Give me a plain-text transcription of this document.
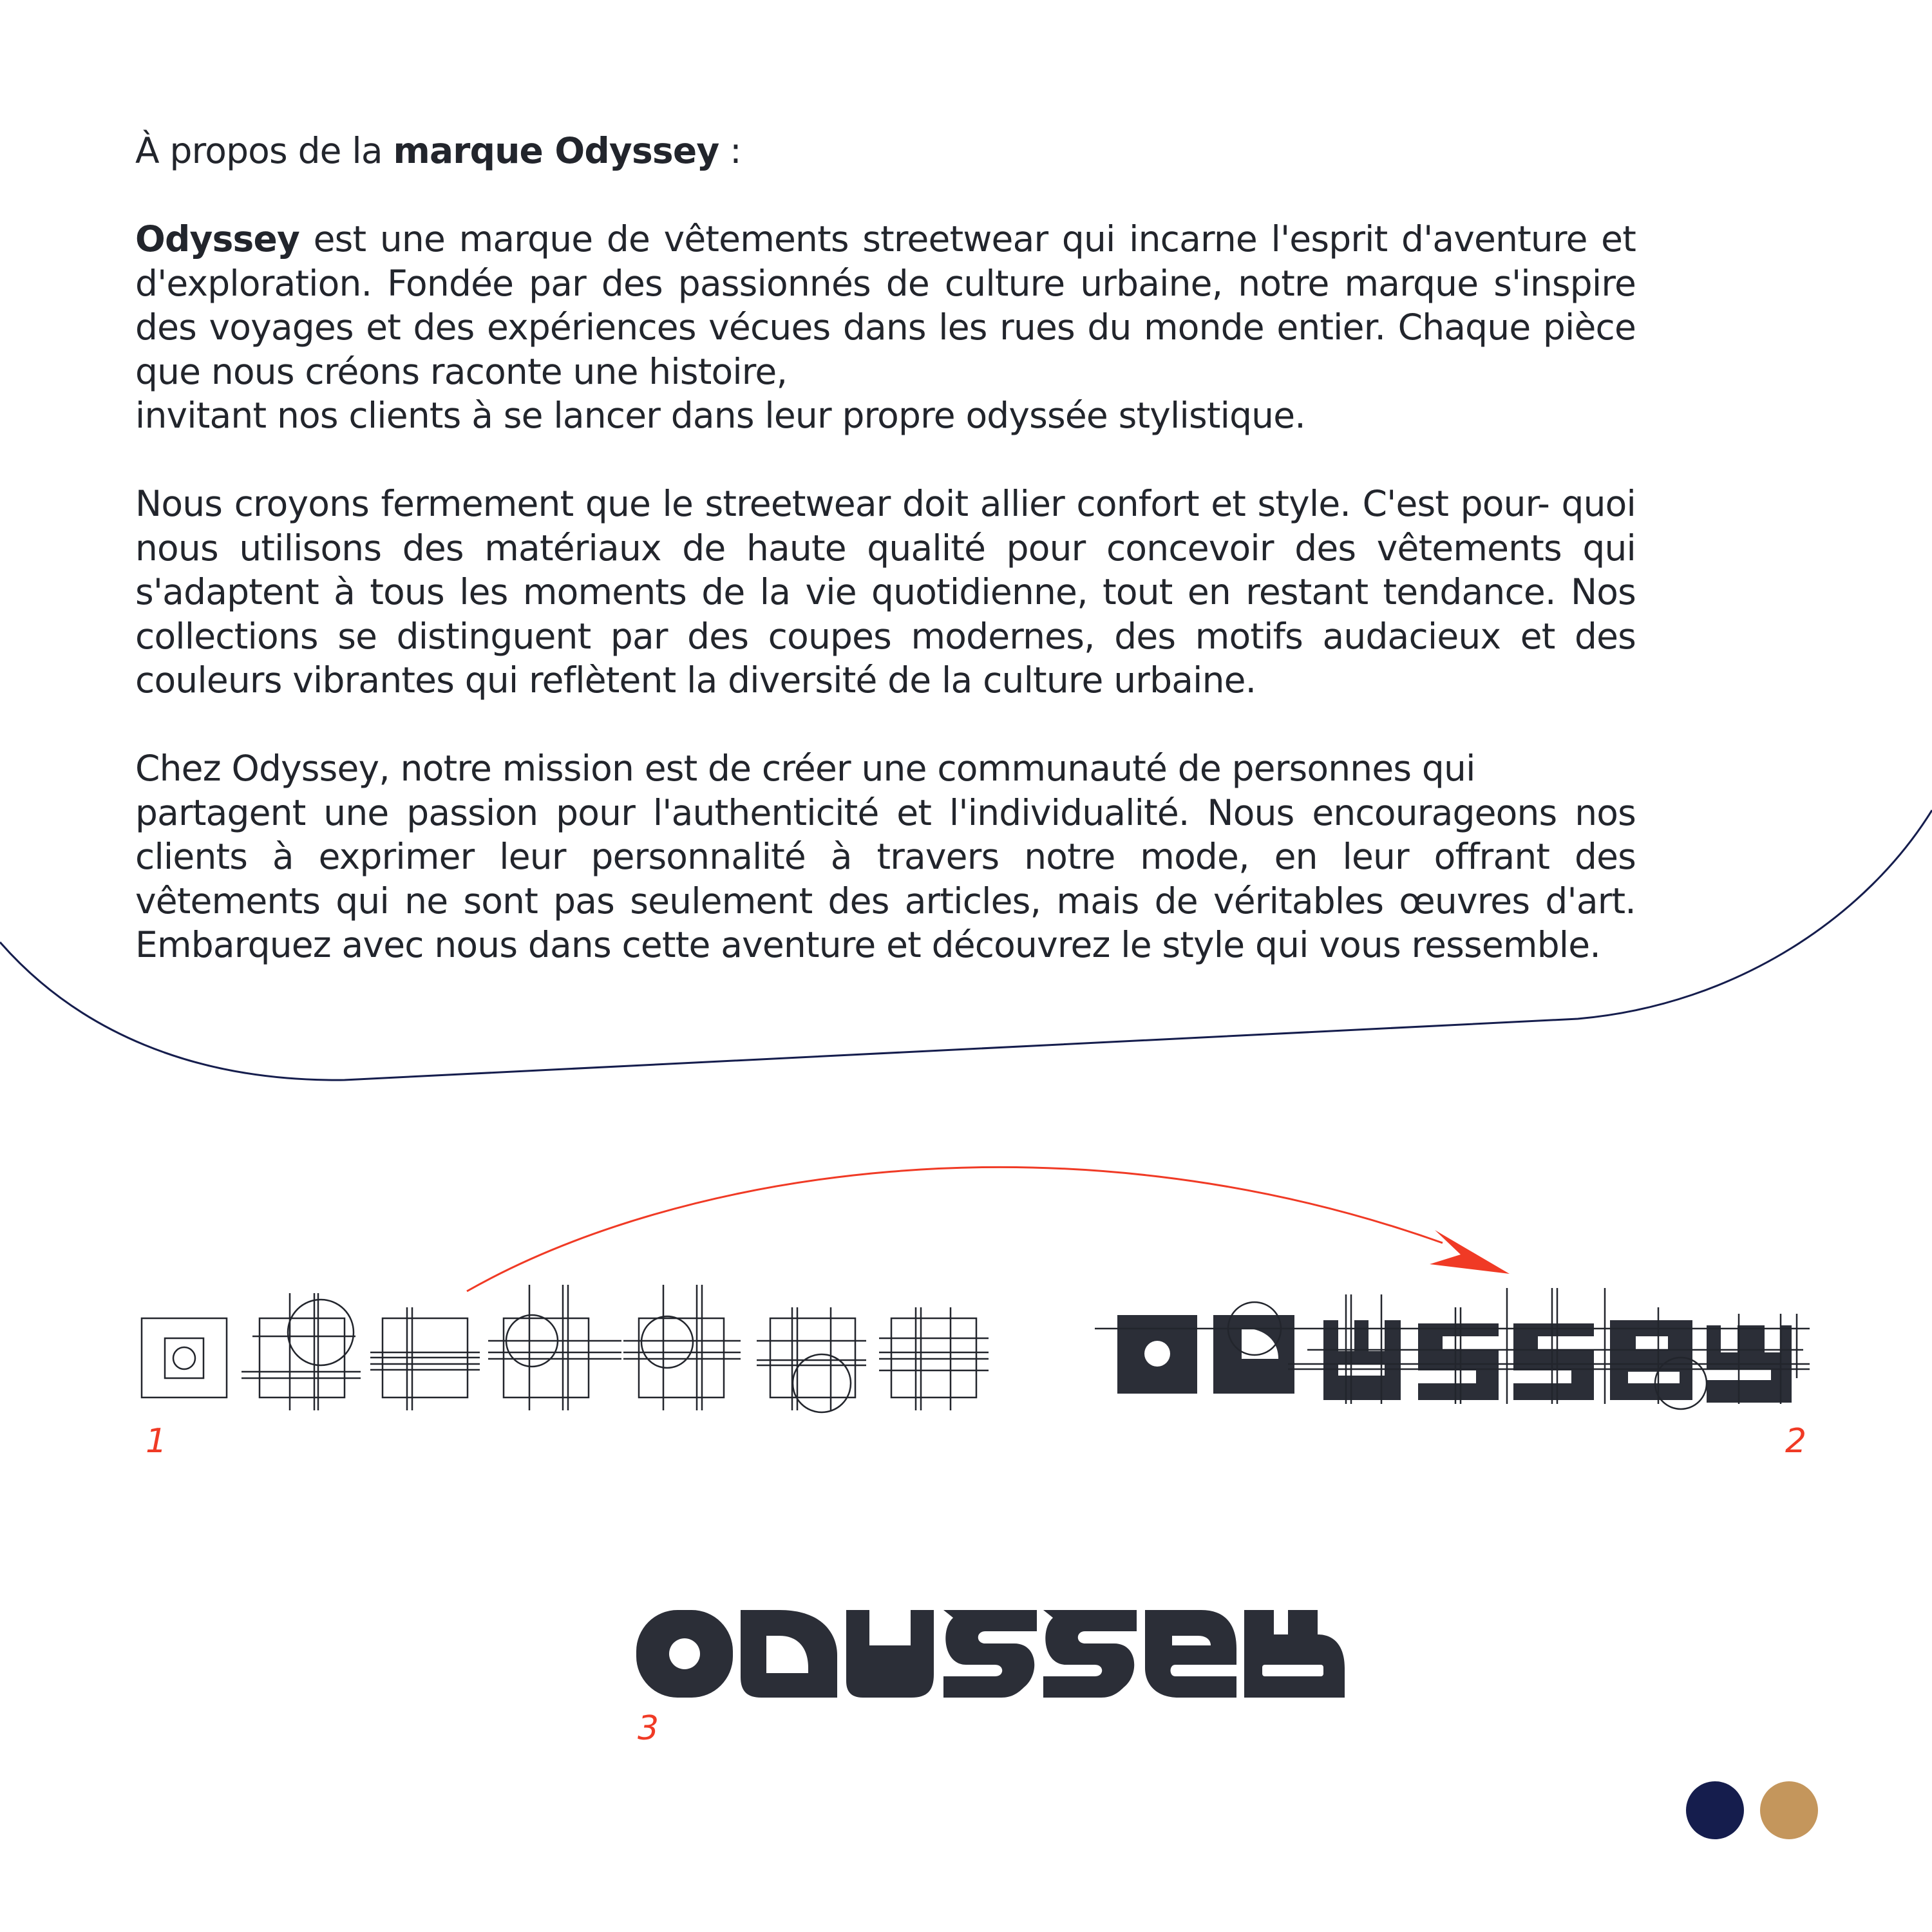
À propos de la marque Odyssey :

Odyssey est une marque de vêtements streetwear qui incarne l'esprit d'aventure et d'exploration. Fondée par des passionnés de culture urbaine, notre marque s'inspire des voyages et des expériences vécues dans les rues du monde entier. Chaque pièce que nous créons raconte une histoire,
invitant nos clients à se lancer dans leur propre odyssée stylistique.

Nous croyons fermement que le streetwear doit allier confort et style. C'est pour- quoi nous utilisons des matériaux de haute qualité pour concevoir des vêtements qui s'adaptent à tous les moments de la vie quotidienne, tout en restant tendance. Nos collections se distinguent par des coupes modernes, des motifs audacieux et des couleurs vibrantes qui reflètent la diversité de la culture urbaine.

Chez Odyssey, notre mission est de créer une communauté de personnes qui
partagent une passion pour l'authenticité et l'individualité. Nous encourageons nos clients à exprimer leur personnalité à travers notre mode, en leur offrant des vêtements qui ne sont pas seulement des articles, mais de véritables œuvres d'art. Embarquez avec nous dans cette aventure et découvrez le style qui vous ressemble.

1	2
3
